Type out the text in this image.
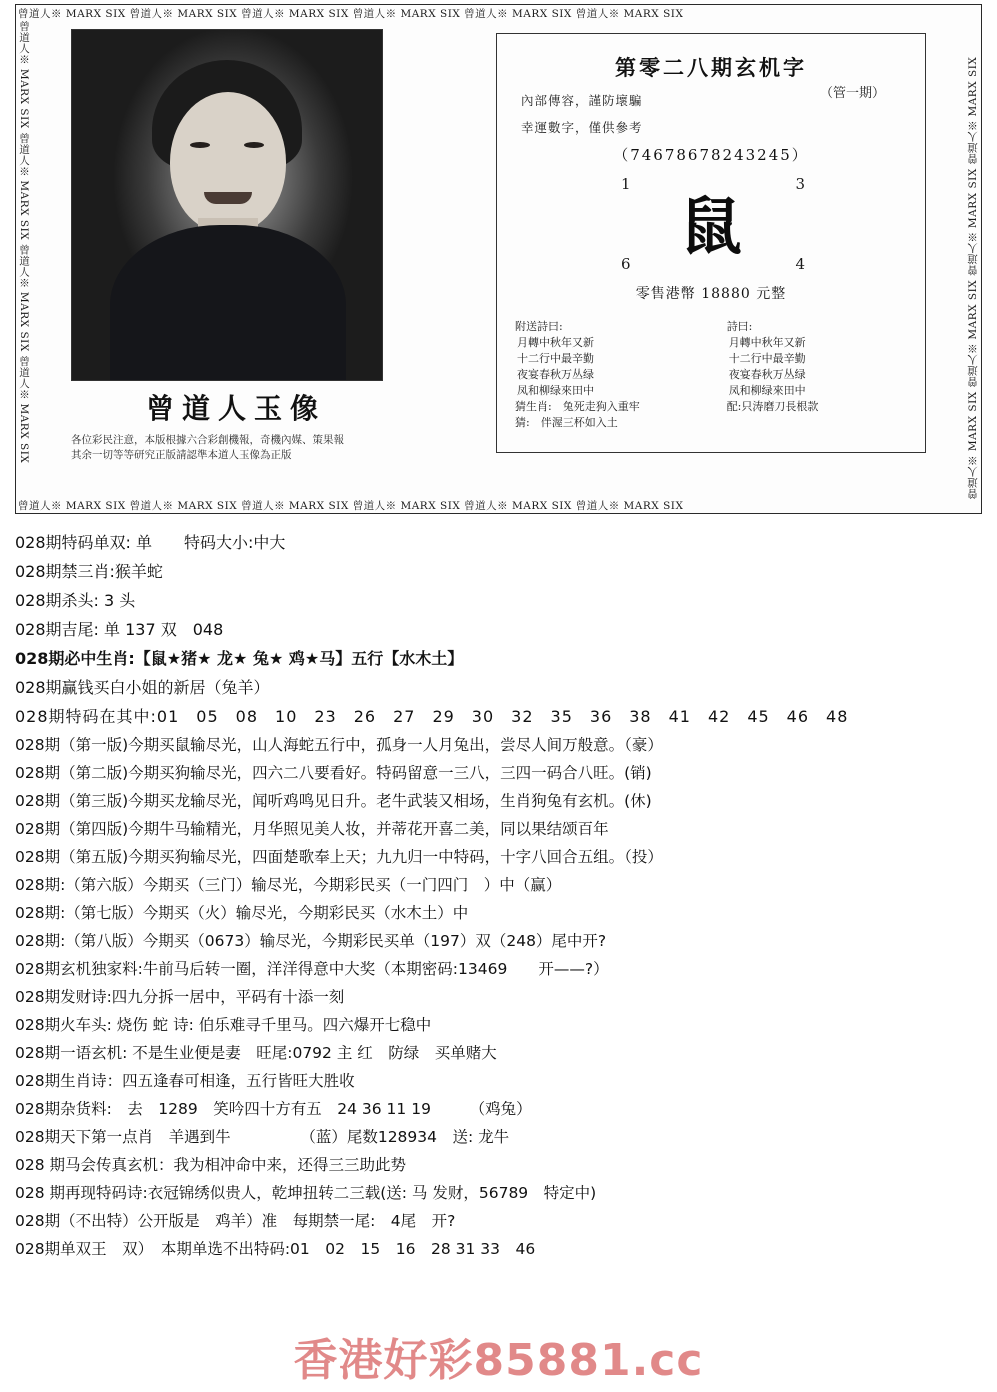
曾道人※ MARX SIX 曾道人※ MARX SIX 曾道人※ MARX SIX 曾道人※ MARX SIX 曾道人※ MARX SIX 曾道人※ MARX SIX
曾道人※ MARX SIX 曾道人※ MARX SIX 曾道人※ MARX SIX 曾道人※ MARX SIX 曾道人※ MARX SIX 曾道人※ MARX SIX
曾道人※ MARX SIX 曾道人※ MARX SIX 曾道人※ MARX SIX 曾道人※ MARX SIX	曾道人※ MARX SIX 曾道人※ MARX SIX 曾道人※ MARX SIX 曾道人※ MARX SIX
曾道人玉像
各位彩民注意，本版根據六合彩創機報，奇機內媒、策果報
其余一切等等研究正版請認準本道人玉像為正版
第零二八期玄机字
（管一期）
內部傳容，謹防壞騙
幸運數字，僅供參考
（74678678243245）
1	3
鼠
6	4
零售港幣 18880 元整
附送詩曰:
月轉中秋年又新
十二行中最辛勤
夜宴春秋万丛绿
凤和柳绿來田中
猜生肖:　兔死走狗入重牢
猜:　伴渥三杯如入土
詩曰:
月轉中秋年又新
十二行中最辛勤
夜宴春秋万丛绿
凤和柳绿來田中
配:只涛磨刀長根款
028期特码单双: 单　　特码大小:中大
028期禁三肖:猴羊蛇
028期杀头: 3 头
028期吉尾: 单 137 双　048
028期必中生肖:【鼠★猪★ 龙★ 兔★ 鸡★马】五行【水木土】
028期赢钱买白小姐的新居（兔羊）
028期特码在其中:01　05　08　10　23　26　27　29　30　32　35　36　38　41　42　45　46　48
028期（第一版)今期买鼠输尽光，山人海蛇五行中，孤身一人月兔出，尝尽人间万般意。（豪）
028期（第二版)今期买狗输尽光，四六二八要看好。特码留意一三八，三四一码合八旺。(销)
028期（第三版)今期买龙输尽光，闻听鸡鸣见日升。老牛武装又相场，生肖狗兔有玄机。(休)
028期（第四版)今期牛马输精光，月华照见美人妆，并蒂花开喜二美，同以果结颂百年
028期（第五版)今期买狗输尽光，四面楚歌奉上天；九九归一中特码，十字八回合五组。（投）
028期:（第六版）今期买（三门）输尽光，今期彩民买（一门四门　）中（赢）
028期:（第七版）今期买（火）输尽光，今期彩民买（水木土）中
028期:（第八版）今期买（0673）输尽光，今期彩民买单（197）双（248）尾中开?
028期玄机独家料:牛前马后转一圈，洋洋得意中大奖（本期密码:13469　　开——?）
028期发财诗:四九分拆一居中，平码有十添一刻
028期火车头: 烧伤 蛇 诗: 伯乐难寻千里马。四六爆开七稳中
028期一语玄机: 不是生业便是妻　旺尾:0792 主 红　防绿　买单赌大
028期生肖诗：四五逢春可相逢，五行皆旺大胜收
028期杂货料:　去　1289　笑吟四十方有五　24 36 11 19　　　（鸡兔）
028期天下第一点肖　羊遇到牛　　　　　（蓝）尾数128934　送: 龙牛
028 期马会传真玄机：我为相冲命中来，还得三三助此势
028 期再现特码诗:衣冠锦绣似贵人，乾坤扭转二三载(送: 马 发财，56789　特定中)
028期（不出特）公开版是　鸡羊）准　每期禁一尾:　4尾　开?
028期单双王　双）　本期单选不出特码:01　02　15　16　28 31 33　46
香港好彩85881.cc
